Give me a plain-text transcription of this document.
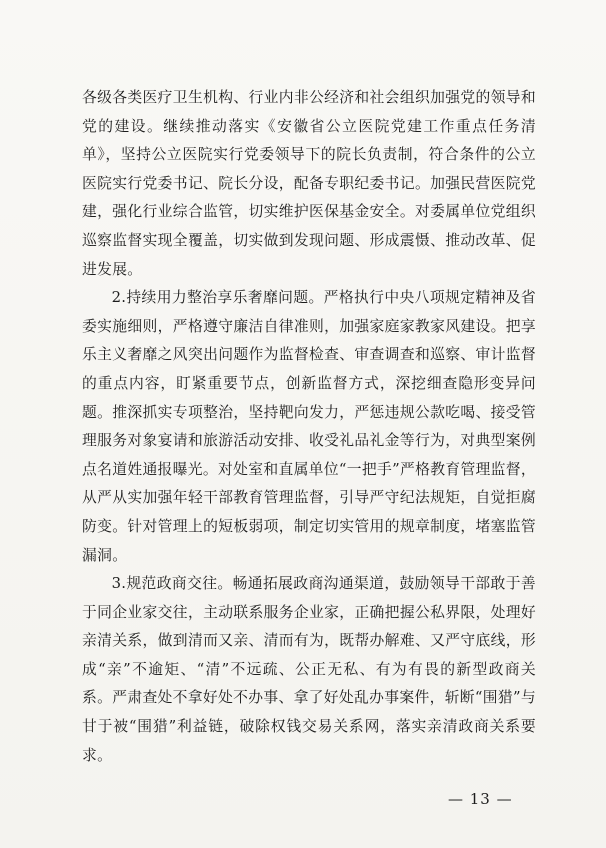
各级各类医疗卫生机构、行业内非公经济和社会组织加强党的领导和党的建设。继续推动落实《安徽省公立医院党建工作重点任务清单》，坚持公立医院实行党委领导下的院长负责制，符合条件的公立医院实行党委书记、院长分设，配备专职纪委书记。加强民营医院党建，强化行业综合监管，切实维护医保基金安全。对委属单位党组织巡察监督实现全覆盖，切实做到发现问题、形成震慑、推动改革、促进发展。

2.持续用力整治享乐奢靡问题。严格执行中央八项规定精神及省委实施细则，严格遵守廉洁自律准则，加强家庭家教家风建设。把享乐主义奢靡之风突出问题作为监督检查、审查调查和巡察、审计监督的重点内容，盯紧重要节点，创新监督方式，深挖细查隐形变异问题。推深抓实专项整治，坚持靶向发力，严惩违规公款吃喝、接受管理服务对象宴请和旅游活动安排、收受礼品礼金等行为，对典型案例点名道姓通报曝光。对处室和直属单位“一把手”严格教育管理监督，从严从实加强年轻干部教育管理监督，引导严守纪法规矩，自觉拒腐防变。针对管理上的短板弱项，制定切实管用的规章制度，堵塞监管漏洞。

3.规范政商交往。畅通拓展政商沟通渠道，鼓励领导干部敢于善于同企业家交往，主动联系服务企业家，正确把握公私界限，处理好亲清关系，做到清而又亲、清而有为，既帮办解难、又严守底线，形成“亲”不逾矩、“清”不远疏、公正无私、有为有畏的新型政商关系。严肃查处不拿好处不办事、拿了好处乱办事案件，斩断“围猎”与甘于被“围猎”利益链，破除权钱交易关系网，落实亲清政商关系要求。

— 13 —
